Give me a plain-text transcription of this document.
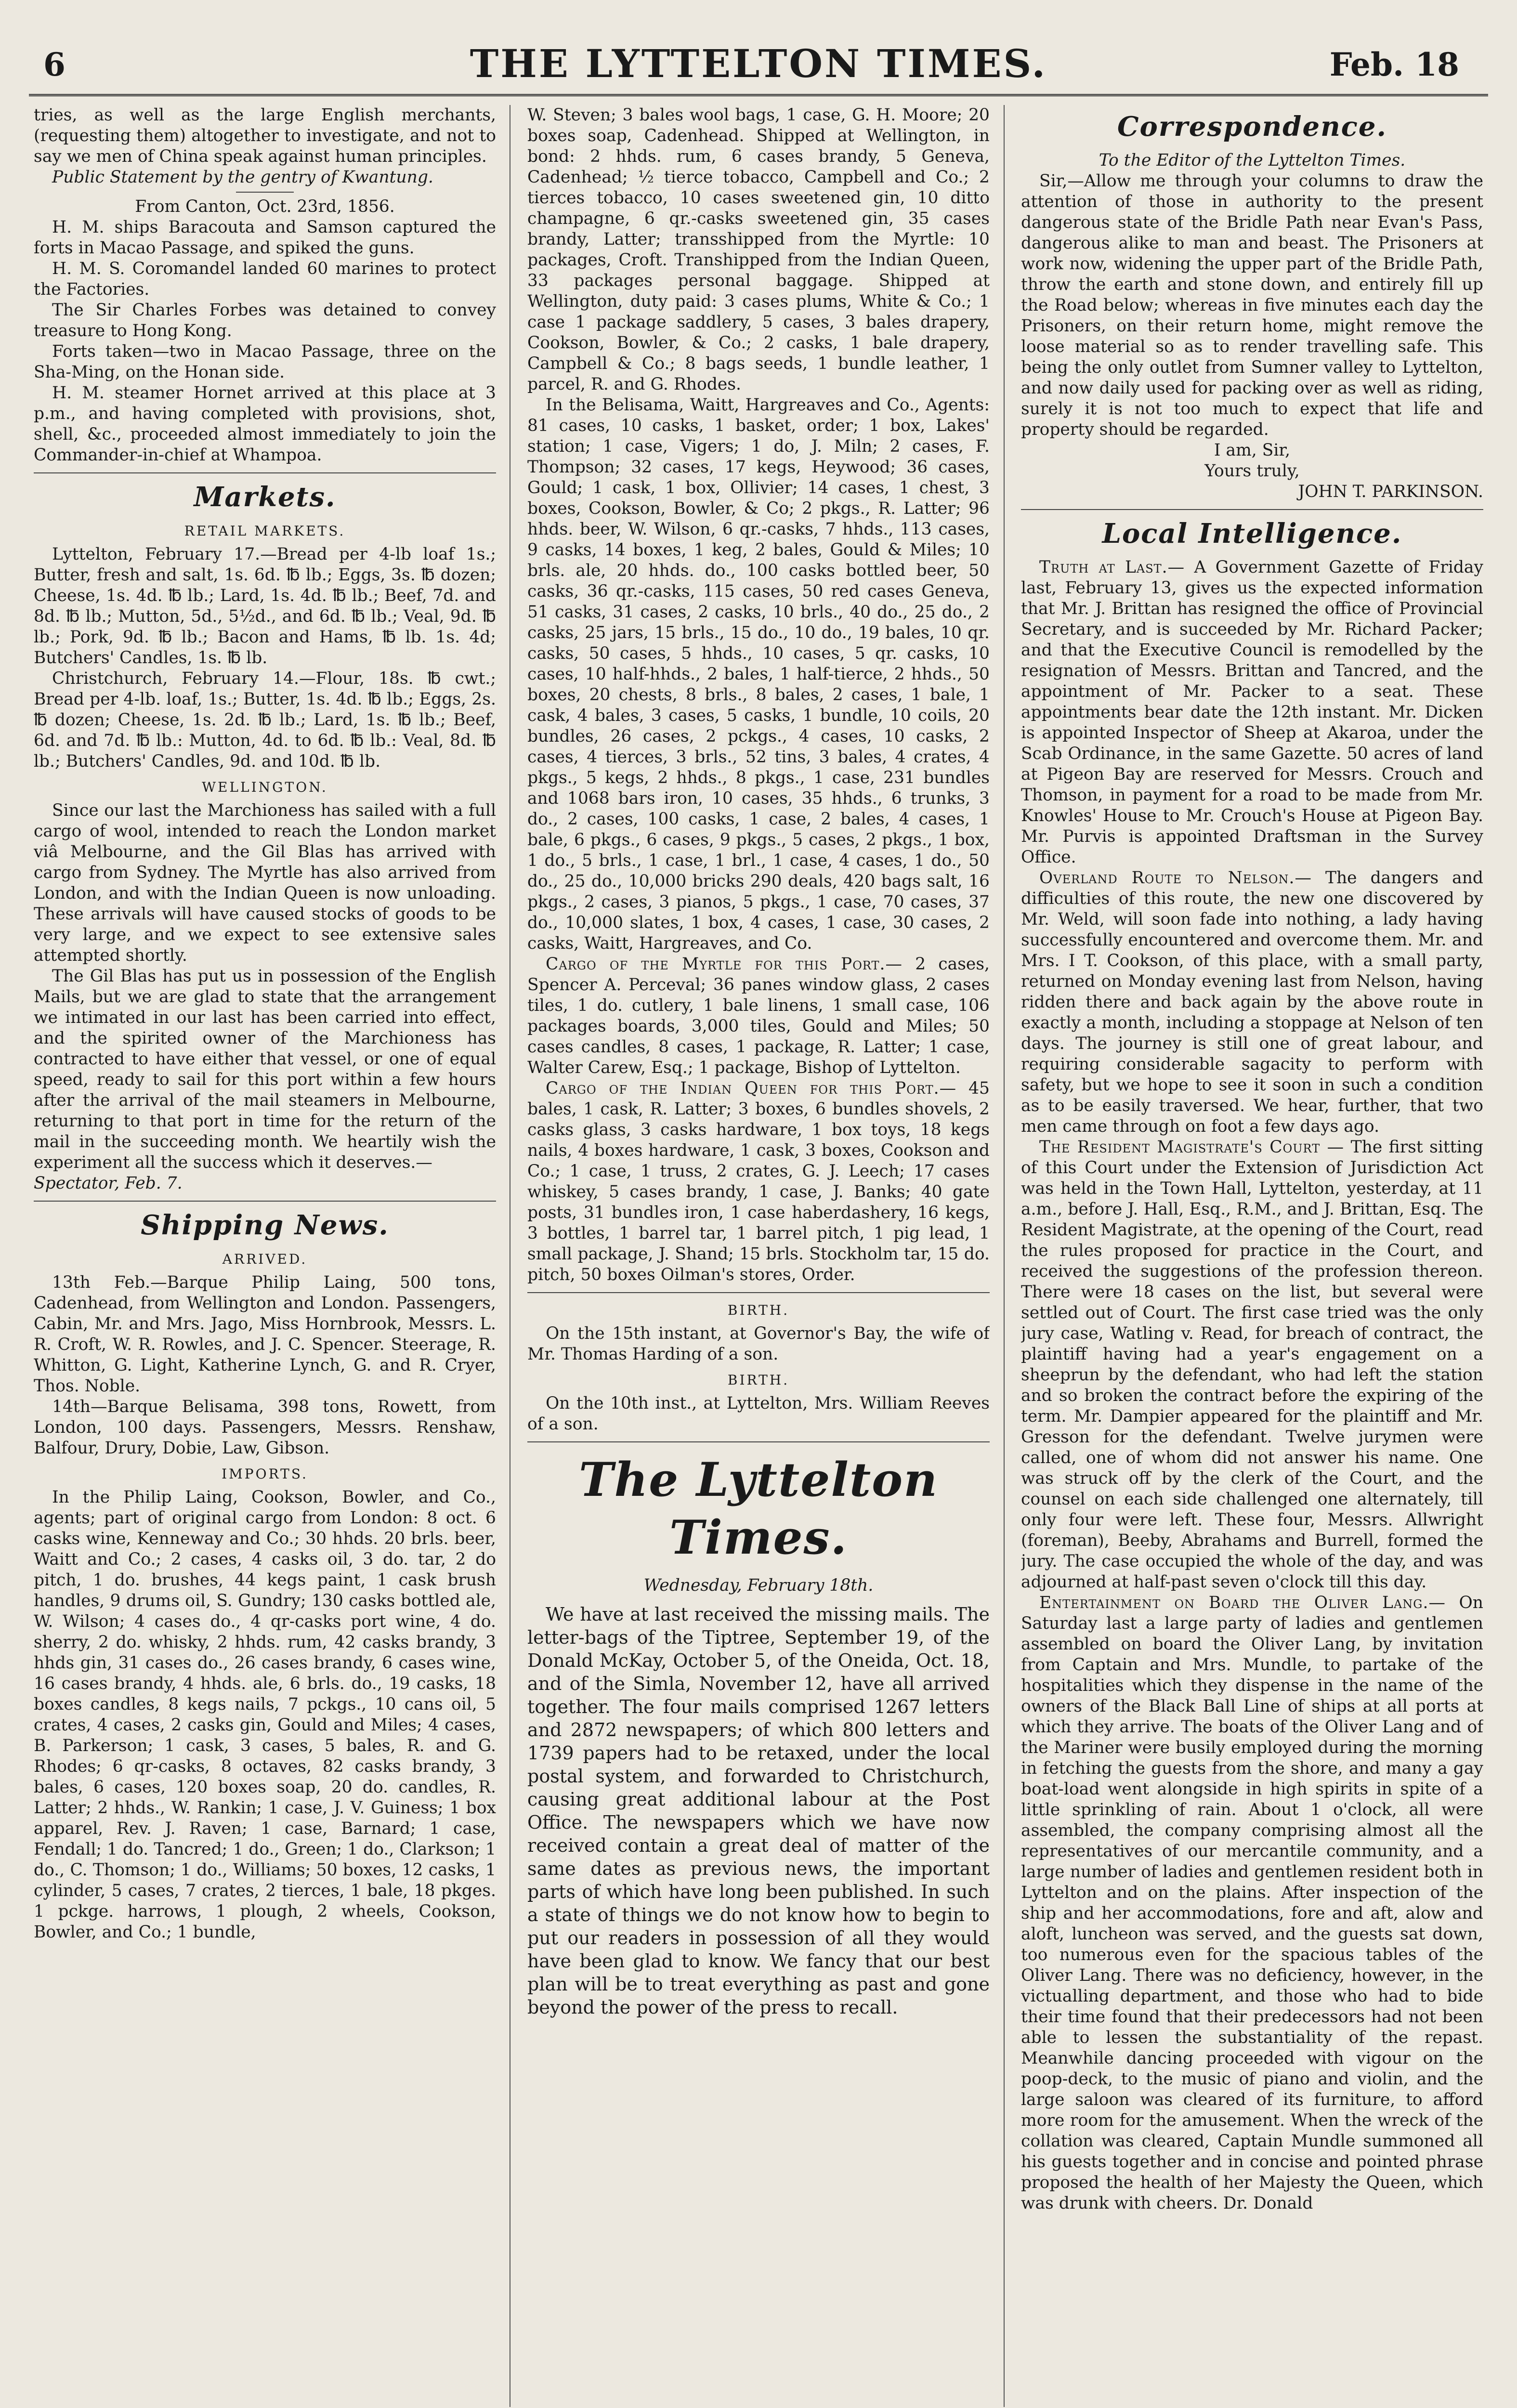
6	THE LYTTELTON TIMES.	Feb. 18

tries, as well as the large English merchants, (requesting them) altogether to investigate, and not to say we men of China speak against human principles.

Public Statement by the gentry of Kwantung.

From Canton, Oct. 23rd, 1856.

H. M. ships Baracouta and Samson captured the forts in Macao Passage, and spiked the guns.

H. M. S. Coromandel landed 60 marines to protect the Factories.

The Sir Charles Forbes was detained to convey treasure to Hong Kong.

Forts taken—two in Macao Passage, three on the Sha-Ming, on the Honan side.

H. M. steamer Hornet arrived at this place at 3 p.m., and having completed with provisions, shot, shell, &c., proceeded almost immediately to join the Commander-in-chief at Whampoa.

Markets.
RETAIL MARKETS.

Lyttelton, February 17.—Bread per 4-lb loaf 1s.; Butter, fresh and salt, 1s. 6d. ℔ lb.; Eggs, 3s. ℔ dozen; Cheese, 1s. 4d. ℔ lb.; Lard, 1s. 4d. ℔ lb.; Beef, 7d. and 8d. ℔ lb.; Mutton, 5d., 5½d., and 6d. ℔ lb.; Veal, 9d. ℔ lb.; Pork, 9d. ℔ lb.; Bacon and Hams, ℔ lb. 1s. 4d; Butchers' Candles, 1s. ℔ lb.

Christchurch, February 14.—Flour, 18s. ℔ cwt.; Bread per 4-lb. loaf, 1s.; Butter, 1s. 4d. ℔ lb.; Eggs, 2s. ℔ dozen; Cheese, 1s. 2d. ℔ lb.; Lard, 1s. ℔ lb.; Beef, 6d. and 7d. ℔ lb.: Mutton, 4d. to 6d. ℔ lb.: Veal, 8d. ℔ lb.; Butchers' Candles, 9d. and 10d. ℔ lb.

WELLINGTON.

Since our last the Marchioness has sailed with a full cargo of wool, intended to reach the London market viâ Melbourne, and the Gil Blas has arrived with cargo from Sydney. The Myrtle has also arrived from London, and with the Indian Queen is now unloading. These arrivals will have caused stocks of goods to be very large, and we expect to see extensive sales attempted shortly.

The Gil Blas has put us in possession of the English Mails, but we are glad to state that the arrangement we intimated in our last has been carried into effect, and the spirited owner of the Marchioness has contracted to have either that vessel, or one of equal speed, ready to sail for this port within a few hours after the arrival of the mail steamers in Melbourne, returning to that port in time for the return of the mail in the succeeding month. We heartily wish the experiment all the success which it deserves.—

Spectator, Feb. 7.

Shipping News.
ARRIVED.

13th Feb.—Barque Philip Laing, 500 tons, Cadenhead, from Wellington and London. Passengers, Cabin, Mr. and Mrs. Jago, Miss Hornbrook, Messrs. L. R. Croft, W. R. Rowles, and J. C. Spencer. Steerage, R. Whitton, G. Light, Katherine Lynch, G. and R. Cryer, Thos. Noble.

14th—Barque Belisama, 398 tons, Rowett, from London, 100 days. Passengers, Messrs. Renshaw, Balfour, Drury, Dobie, Law, Gibson.

IMPORTS.

In the Philip Laing, Cookson, Bowler, and Co., agents; part of original cargo from London: 8 oct. 6 casks wine, Kenneway and Co.; 30 hhds. 20 brls. beer, Waitt and Co.; 2 cases, 4 casks oil, 3 do. tar, 2 do pitch, 1 do. brushes, 44 kegs paint, 1 cask brush handles, 9 drums oil, S. Gundry; 130 casks bottled ale, W. Wilson; 4 cases do., 4 qr-casks port wine, 4 do. sherry, 2 do. whisky, 2 hhds. rum, 42 casks brandy, 3 hhds gin, 31 cases do., 26 cases brandy, 6 cases wine, 16 cases brandy, 4 hhds. ale, 6 brls. do., 19 casks, 18 boxes candles, 8 kegs nails, 7 pckgs., 10 cans oil, 5 crates, 4 cases, 2 casks gin, Gould and Miles; 4 cases, B. Parkerson; 1 cask, 3 cases, 5 bales, R. and G. Rhodes; 6 qr-casks, 8 octaves, 82 casks brandy, 3 bales, 6 cases, 120 boxes soap, 20 do. candles, R. Latter; 2 hhds., W. Rankin; 1 case, J. V. Guiness; 1 box apparel, Rev. J. Raven; 1 case, Barnard; 1 case, Fendall; 1 do. Tancred; 1 do., Green; 1 do., Clarkson; 1 do., C. Thomson; 1 do., Williams; 50 boxes, 12 casks, 1 cylinder, 5 cases, 7 crates, 2 tierces, 1 bale, 18 pkges. 1 pckge. harrows, 1 plough, 2 wheels, Cookson, Bowler, and Co.; 1 bundle,

W. Steven; 3 bales wool bags, 1 case, G. H. Moore; 20 boxes soap, Cadenhead. Shipped at Wellington, in bond: 2 hhds. rum, 6 cases brandy, 5 Geneva, Cadenhead; ½ tierce tobacco, Campbell and Co.; 2 tierces tobacco, 10 cases sweetened gin, 10 ditto champagne, 6 qr.-casks sweetened gin, 35 cases brandy, Latter; transshipped from the Myrtle: 10 packages, Croft. Transhipped from the Indian Queen, 33 packages personal baggage. Shipped at Wellington, duty paid: 3 cases plums, White & Co.; 1 case 1 package saddlery, 5 cases, 3 bales drapery, Cookson, Bowler, & Co.; 2 casks, 1 bale drapery, Campbell & Co.; 8 bags seeds, 1 bundle leather, 1 parcel, R. and G. Rhodes.

In the Belisama, Waitt, Hargreaves and Co., Agents: 81 cases, 10 casks, 1 basket, order; 1 box, Lakes' station; 1 case, Vigers; 1 do, J. Miln; 2 cases, F. Thompson; 32 cases, 17 kegs, Heywood; 36 cases, Gould; 1 cask, 1 box, Ollivier; 14 cases, 1 chest, 3 boxes, Cookson, Bowler, & Co; 2 pkgs., R. Latter; 96 hhds. beer, W. Wilson, 6 qr.-casks, 7 hhds., 113 cases, 9 casks, 14 boxes, 1 keg, 2 bales, Gould & Miles; 10 brls. ale, 20 hhds. do., 100 casks bottled beer, 50 casks, 36 qr.-casks, 115 cases, 50 red cases Geneva, 51 casks, 31 cases, 2 casks, 10 brls., 40 do., 25 do., 2 casks, 25 jars, 15 brls., 15 do., 10 do., 19 bales, 10 qr. casks, 50 cases, 5 hhds., 10 cases, 5 qr. casks, 10 cases, 10 half-hhds., 2 bales, 1 half-tierce, 2 hhds., 50 boxes, 20 chests, 8 brls., 8 bales, 2 cases, 1 bale, 1 cask, 4 bales, 3 cases, 5 casks, 1 bundle, 10 coils, 20 bundles, 26 cases, 2 pckgs., 4 cases, 10 casks, 2 cases, 4 tierces, 3 brls., 52 tins, 3 bales, 4 crates, 4 pkgs., 5 kegs, 2 hhds., 8 pkgs., 1 case, 231 bundles and 1068 bars iron, 10 cases, 35 hhds., 6 trunks, 3 do., 2 cases, 100 casks, 1 case, 2 bales, 4 cases, 1 bale, 6 pkgs., 6 cases, 9 pkgs., 5 cases, 2 pkgs., 1 box, 1 do., 5 brls., 1 case, 1 brl., 1 case, 4 cases, 1 do., 50 do., 25 do., 10,000 bricks 290 deals, 420 bags salt, 16 pkgs., 2 cases, 3 pianos, 5 pkgs., 1 case, 70 cases, 37 do., 10,000 slates, 1 box, 4 cases, 1 case, 30 cases, 2 casks, Waitt, Hargreaves, and Co.

Cargo of the Myrtle for this Port.— 2 cases, Spencer A. Perceval; 36 panes window glass, 2 cases tiles, 1 do. cutlery, 1 bale linens, 1 small case, 106 packages boards, 3,000 tiles, Gould and Miles; 50 cases candles, 8 cases, 1 package, R. Latter; 1 case, Walter Carew, Esq.; 1 package, Bishop of Lyttelton.

Cargo of the Indian Queen for this Port.— 45 bales, 1 cask, R. Latter; 3 boxes, 6 bundles shovels, 2 casks glass, 3 casks hardware, 1 box toys, 18 kegs nails, 4 boxes hardware, 1 cask, 3 boxes, Cookson and Co.; 1 case, 1 truss, 2 crates, G. J. Leech; 17 cases whiskey, 5 cases brandy, 1 case, J. Banks; 40 gate posts, 31 bundles iron, 1 case haberdashery, 16 kegs, 3 bottles, 1 barrel tar, 1 barrel pitch, 1 pig lead, 1 small package, J. Shand; 15 brls. Stockholm tar, 15 do. pitch, 50 boxes Oilman's stores, Order.

BIRTH.

On the 15th instant, at Governor's Bay, the wife of Mr. Thomas Harding of a son.

BIRTH.

On the 10th inst., at Lyttelton, Mrs. William Reeves of a son.

The Lyttelton Times.

Wednesday, February 18th.

We have at last received the missing mails. The letter-bags of the Tiptree, September 19, of the Donald McKay, October 5, of the Oneida, Oct. 18, and of the Simla, November 12, have all arrived together. The four mails comprised 1267 letters and 2872 newspapers; of which 800 letters and 1739 papers had to be retaxed, under the local postal system, and forwarded to Christchurch, causing great additional labour at the Post Office. The newspapers which we have now received contain a great deal of matter of the same dates as previous news, the important parts of which have long been published. In such a state of things we do not know how to begin to put our readers in possession of all they would have been glad to know. We fancy that our best plan will be to treat everything as past and gone beyond the power of the press to recall.

Correspondence.

To the Editor of the Lyttelton Times.

Sir,—Allow me through your columns to draw the attention of those in authority to the present dangerous state of the Bridle Path near Evan's Pass, dangerous alike to man and beast. The Prisoners at work now, widening the upper part of the Bridle Path, throw the earth and stone down, and entirely fill up the Road below; whereas in five minutes each day the Prisoners, on their return home, might remove the loose material so as to render travelling safe. This being the only outlet from Sumner valley to Lyttelton, and now daily used for packing over as well as riding, surely it is not too much to expect that life and property should be regarded.

I am, Sir,

Yours truly,

JOHN T. PARKINSON.

Local Intelligence.

Truth at Last.— A Government Gazette of Friday last, February 13, gives us the expected information that Mr. J. Brittan has resigned the office of Provincial Secretary, and is succeeded by Mr. Richard Packer; and that the Executive Council is remodelled by the resignation of Messrs. Brittan and Tancred, and the appointment of Mr. Packer to a seat. These appointments bear date the 12th instant. Mr. Dicken is appointed Inspector of Sheep at Akaroa, under the Scab Ordinance, in the same Gazette. 50 acres of land at Pigeon Bay are reserved for Messrs. Crouch and Thomson, in payment for a road to be made from Mr. Knowles' House to Mr. Crouch's House at Pigeon Bay. Mr. Purvis is appointed Draftsman in the Survey Office.

Overland Route to Nelson.— The dangers and difficulties of this route, the new one discovered by Mr. Weld, will soon fade into nothing, a lady having successfully encountered and overcome them. Mr. and Mrs. I T. Cookson, of this place, with a small party, returned on Monday evening last from Nelson, having ridden there and back again by the above route in exactly a month, including a stoppage at Nelson of ten days. The journey is still one of great labour, and requiring considerable sagacity to perform with safety, but we hope to see it soon in such a condition as to be easily traversed. We hear, further, that two men came through on foot a few days ago.

The Resident Magistrate's Court — The first sitting of this Court under the Extension of Jurisdiction Act was held in the Town Hall, Lyttelton, yesterday, at 11 a.m., before J. Hall, Esq., R.M., and J. Brittan, Esq. The Resident Magistrate, at the opening of the Court, read the rules proposed for practice in the Court, and received the suggestions of the profession thereon. There were 18 cases on the list, but several were settled out of Court. The first case tried was the only jury case, Watling v. Read, for breach of contract, the plaintiff having had a year's engagement on a sheeprun by the defendant, who had left the station and so broken the contract before the expiring of the term. Mr. Dampier appeared for the plaintiff and Mr. Gresson for the defendant. Twelve jurymen were called, one of whom did not answer his name. One was struck off by the clerk of the Court, and the counsel on each side challenged one alternately, till only four were left. These four, Messrs. Allwright (foreman), Beeby, Abrahams and Burrell, formed the jury. The case occupied the whole of the day, and was adjourned at half-past seven o'clock till this day.

Entertainment on Board the Oliver Lang.— On Saturday last a large party of ladies and gentlemen assembled on board the Oliver Lang, by invitation from Captain and Mrs. Mundle, to partake of the hospitalities which they dispense in the name of the owners of the Black Ball Line of ships at all ports at which they arrive. The boats of the Oliver Lang and of the Mariner were busily employed during the morning in fetching the guests from the shore, and many a gay boat-load went alongside in high spirits in spite of a little sprinkling of rain. About 1 o'clock, all were assembled, the company comprising almost all the representatives of our mercantile community, and a large number of ladies and gentlemen resident both in Lyttelton and on the plains. After inspection of the ship and her accommodations, fore and aft, alow and aloft, luncheon was served, and the guests sat down, too numerous even for the spacious tables of the Oliver Lang. There was no deficiency, however, in the victualling department, and those who had to bide their time found that their predecessors had not been able to lessen the substantiality of the repast. Meanwhile dancing proceeded with vigour on the poop-deck, to the music of piano and violin, and the large saloon was cleared of its furniture, to afford more room for the amusement. When the wreck of the collation was cleared, Captain Mundle summoned all his guests together and in concise and pointed phrase proposed the health of her Majesty the Queen, which was drunk with cheers. Dr. Donald
